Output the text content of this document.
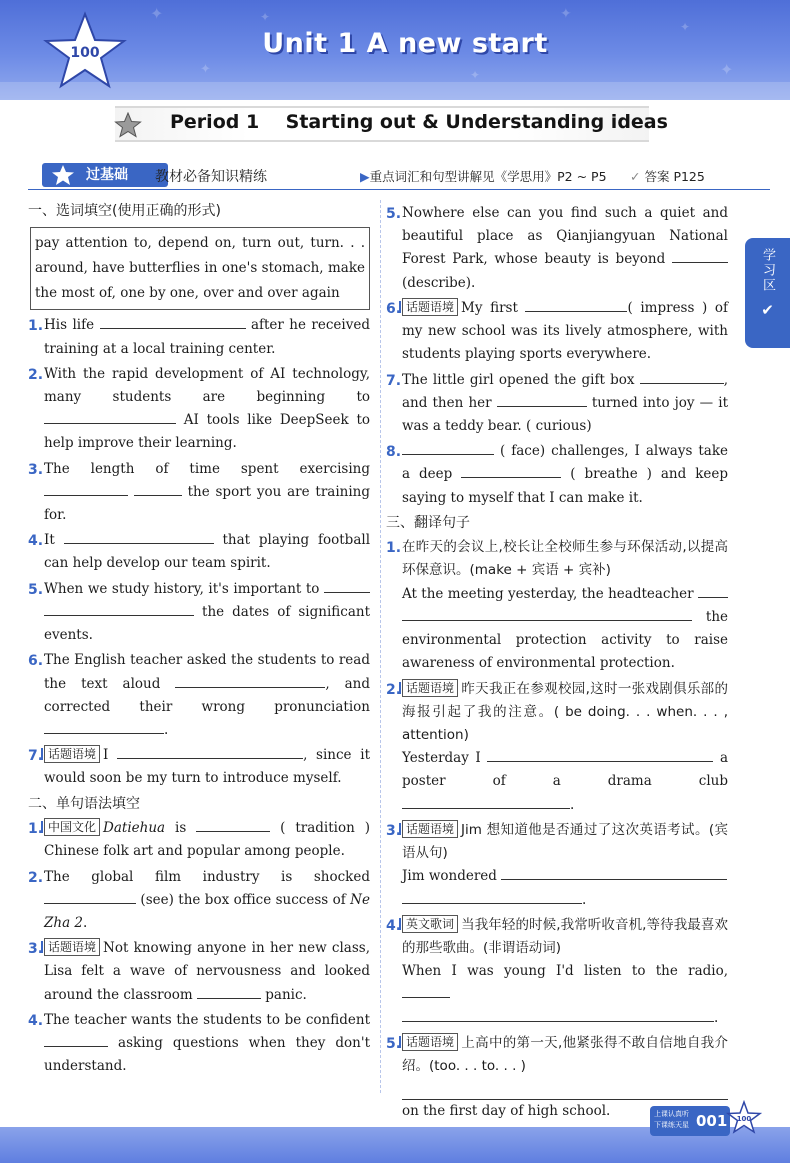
✦	✦	✦
✦
✦
✦	✦
100	Unit 1 A new start
Period 1    Starting out & Understanding ideas
过基础	教材必备知识精练	▶重点词汇和句型讲解见《学思用》P2 ~ P5 ✓ 答案 P125
学习区
✔
一、选词填空(使用正确的形式)

pay attention to, depend on, turn out, turn. . .

around, have butterflies in one's stomach, make

the most of, one by one, over and over again

1. His life	after he received training at a local training center.

2. With the rapid development of AI technology, many students are beginning to  AI tools like DeepSeek to help improve their learning.

3. The length of time spent exercising   the sport you are training for.

4. It	that playing football can help develop our team spirit.

5. When we study history, it's important to   the dates of significant events.

6. The English teacher asked the students to read the text aloud	, and corrected their wrong pronunciation .

7. 话题语境 I	, since it would soon be my turn to introduce myself.

二、单句语法填空
1. 中国文化 Datiehua is	( tradition ) Chinese folk art and popular among people.

2. The global film industry is shocked  (see) the box office success of Ne Zha 2.

3. 话题语境 Not knowing anyone in her new class, Lisa felt a wave of nervousness and looked around the classroom	panic.

4. The teacher wants the students to be confident  asking questions when they don't understand.

5. Nowhere else can you find such a quiet and beautiful place as Qianjiangyuan National Forest Park, whose beauty is beyond (describe).

6. 话题语境 My first	( impress ) of my new school was its lively atmosphere, with students playing sports everywhere.

7. The little girl opened the gift box	, and then her	turned into joy — it was a teddy bear. ( curious)

8.	( face) challenges, I always take a deep	( breathe ) and keep saying to myself that I can make it.

三、翻译句子
1. 在昨天的会议上,校长让全校师生参与环保活动,以提高环保意识。(make + 宾语 + 宾补)

At the meeting yesterday, the headteacher   the environmental protection activity to raise awareness of environmental protection.

2. 话题语境 昨天我正在参观校园,这时一张戏剧俱乐部的海报引起了我的注意。( be doing. . . when. . . , attention)

Yesterday I	a poster of a drama club .

3. 话题语境 Jim 想知道他是否通过了这次英语考试。(宾语从句)

Jim wondered

.

4. 英文歌词 当我年轻的时候,我常听收音机,等待我最喜欢的那些歌曲。(非谓语动词)

When I was young I'd listen to the radio,

.

5. 话题语境 上高中的第一天,他紧张得不敢自信地自我介绍。(too. . . to. . . )

on the first day of high school.	上课认真听
下课练天星 001 100
